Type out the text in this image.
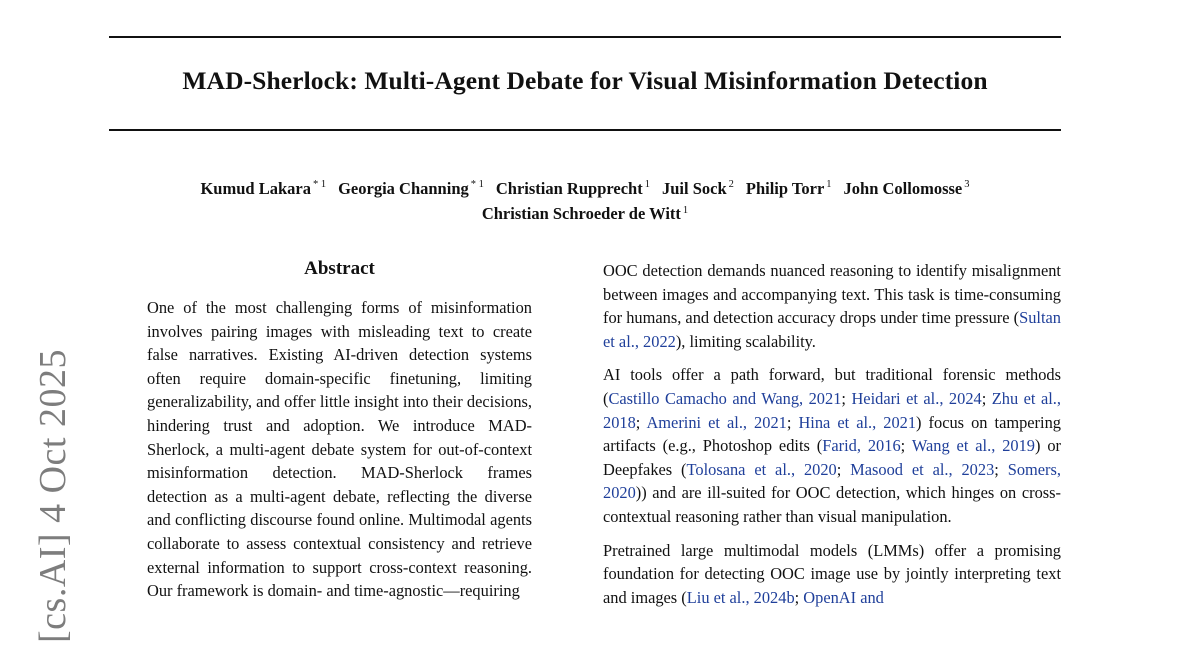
MAD-Sherlock: Multi-Agent Debate for Visual Misinformation Detection
Kumud Lakara $^{* 1}$ Georgia Channing $^{* 1}$ Christian Rupprecht $^1$ Juil Sock $^2$ Philip Torr $^1$ John Collomosse $^3$
Christian Schroeder de Witt $^1$
[cs.AI] 4 Oct 2025
Abstract

One of the most challenging forms of misinformation involves pairing images with misleading text to create false narratives. Existing AI-driven detection systems often require domain-specific finetuning, limiting generalizability, and offer little insight into their decisions, hindering trust and adoption. We introduce MAD-Sherlock, a multi-agent debate system for out-of-context misinformation detection. MAD-Sherlock frames detection as a multi-agent debate, reflecting the diverse and conflicting discourse found online. Multimodal agents collaborate to assess contextual consistency and retrieve external information to support cross-context reasoning. Our framework is domain- and time-agnostic—requiring

OOC detection demands nuanced reasoning to identify misalignment between images and accompanying text. This task is time-consuming for humans, and detection accuracy drops under time pressure (Sultan et al., 2022), limiting scalability.

AI tools offer a path forward, but traditional forensic methods (Castillo Camacho and Wang, 2021; Heidari et al., 2024; Zhu et al., 2018; Amerini et al., 2021; Hina et al., 2021) focus on tampering artifacts (e.g., Photoshop edits (Farid, 2016; Wang et al., 2019) or Deepfakes (Tolosana et al., 2020; Masood et al., 2023; Somers, 2020)) and are ill-suited for OOC detection, which hinges on cross-contextual reasoning rather than visual manipulation.

Pretrained large multimodal models (LMMs) offer a promising foundation for detecting OOC image use by jointly interpreting text and images (Liu et al., 2024b; OpenAI and
